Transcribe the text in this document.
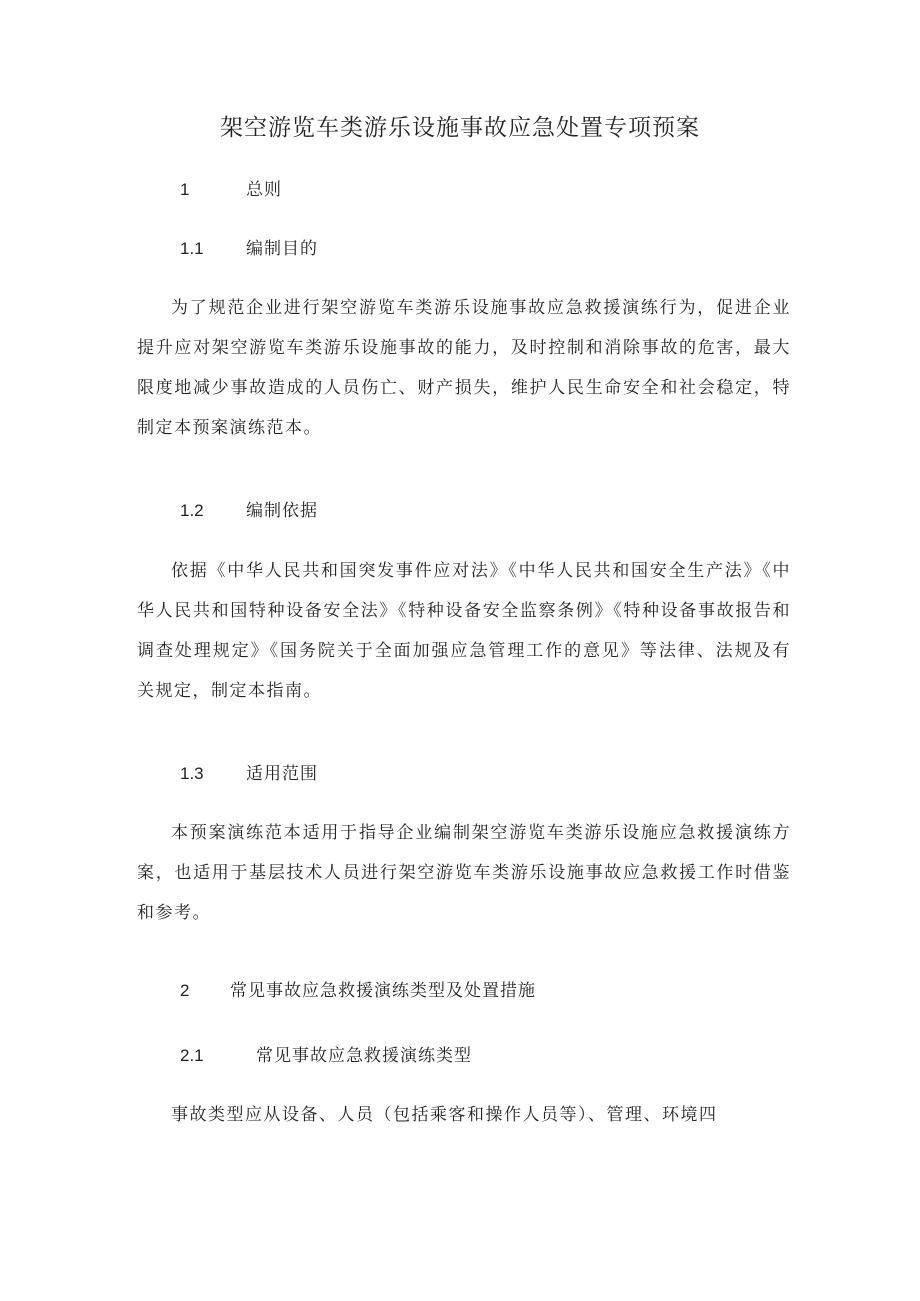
架空游览车类游乐设施事故应急处置专项预案
1	总则
1.1 编制目的

为了规范企业进行架空游览车类游乐设施事故应急救援演练行为，促进企业提升应对架空游览车类游乐设施事故的能力，及时控制和消除事故的危害，最大限度地减少事故造成的人员伤亡、财产损失，维护人民生命安全和社会稳定，特制定本预案演练范本。

1.2 编制依据

依据《中华人民共和国突发事件应对法》《中华人民共和国安全生产法》《中华人民共和国特种设备安全法》《特种设备安全监察条例》《特种设备事故报告和调查处理规定》《国务院关于全面加强应急管理工作的意见》等法律、法规及有关规定，制定本指南。

1.3 适用范围

本预案演练范本适用于指导企业编制架空游览车类游乐设施应急救援演练方案，也适用于基层技术人员进行架空游览车类游乐设施事故应急救援工作时借鉴和参考。

2 常见事故应急救援演练类型及处置措施
2.1	常见事故应急救援演练类型

事故类型应从设备、人员（包括乘客和操作人员等）、管理、环境四
